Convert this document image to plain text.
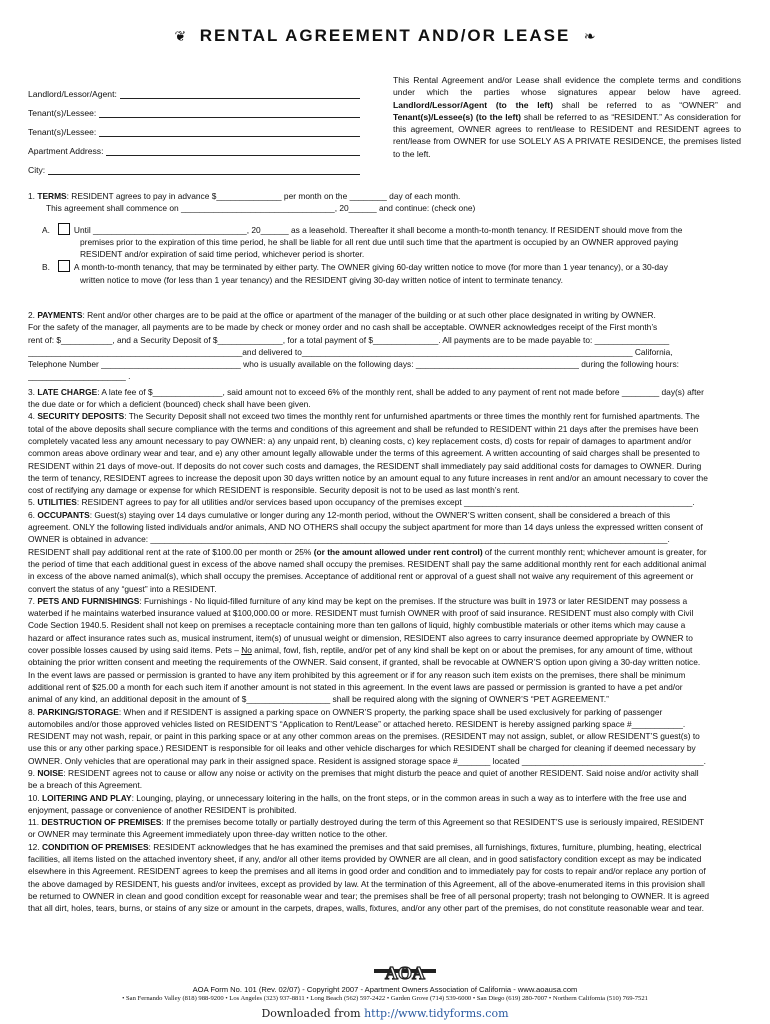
❦ RENTAL AGREEMENT AND/OR LEASE ❧
Landlord/Lessor/Agent:
Tenant(s)/Lessee:
Tenant(s)/Lessee:
Apartment Address:
City:
This Rental Agreement and/or Lease shall evidence the complete terms and conditions under which the parties whose signatures appear below have agreed. Landlord/Lessor/Agent (to the left) shall be referred to as “OWNER” and Tenant(s)/Lessee(s) (to the left) shall be referred to as “RESIDENT.” As consideration for this agreement, OWNER agrees to rent/lease to RESIDENT and RESIDENT agrees to rent/lease from OWNER for use SOLELY AS A PRIVATE RESIDENCE, the premises listed to the left.
1. TERMS: RESIDENT agrees to pay in advance $______________ per month on the ________ day of each month.
This agreement shall commence on _________________________________, 20______ and continue: (check one)
A.	Until _________________________________, 20______ as a leasehold. Thereafter it shall become a month-to-month tenancy. If RESIDENT should move from the
premises prior to the expiration of this time period, he shall be liable for all rent due until such time that the apartment is occupied by an OWNER approved paying
RESIDENT and/or expiration of said time period, whichever period is shorter.
B.	A month-to-month tenancy, that may be terminated by either party. The OWNER giving 60-day written notice to move (for more than 1 year tenancy), or a 30-day
written notice to move (for less than 1 year tenancy) and the RESIDENT giving 30-day written notice of intent to terminate tenancy.
2. PAYMENTS: Rent and/or other charges are to be paid at the office or apartment of the manager of the building or at such other place designated in writing by OWNER.
For the safety of the manager, all payments are to be made by check or money order and no cash shall be acceptable. OWNER acknowledges receipt of the First month’s
rent of: $___________, and a Security Deposit of $______________, for a total payment of $______________. All payments are to be made payable to: ________________
______________________________________________and delivered to_______________________________________________________________________ California,
Telephone Number ______________________________ who is usually available on the following days: ___________________________________ during the following hours:
_____________________ .
3. LATE CHARGE: A late fee of $_______________, said amount not to exceed 6% of the monthly rent, shall be added to any payment of rent not made before ________ day(s) after
the due date or for which a deficient (bounced) check shall have been given.
4. SECURITY DEPOSITS: The Security Deposit shall not exceed two times the monthly rent for unfurnished apartments or three times the monthly rent for furnished apartments. The
total of the above deposits shall secure compliance with the terms and conditions of this agreement and shall be refunded to RESIDENT within 21 days after the premises have been
completely vacated less any amount necessary to pay OWNER: a) any unpaid rent, b) cleaning costs, c) key replacement costs, d) costs for repair of damages to apartment and/or
common areas above ordinary wear and tear, and e) any other amount legally allowable under the terms of this agreement. A written accounting of said charges shall be presented to
RESIDENT within 21 days of move-out. If deposits do not cover such costs and damages, the RESIDENT shall immediately pay said additional costs for damages to OWNER. During
the term of tenancy, RESIDENT agrees to increase the deposit upon 30 days written notice by an amount equal to any future increases in rent and/or an amount necessary to cover the
cost of rectifying any damage or expense for which RESIDENT is responsible. Security deposit is not to be used as last month’s rent.
5. UTILITIES: RESIDENT agrees to pay for all utilities and/or services based upon occupancy of the premises except _________________________________________________.
6. OCCUPANTS: Guest(s) staying over 14 days cumulative or longer during any 12-month period, without the OWNER’S written consent, shall be considered a breach of this
agreement. ONLY the following listed individuals and/or animals, AND NO OTHERS shall occupy the subject apartment for more than 14 days unless the expressed written consent of
OWNER is obtained in advance: _______________________________________________________________________________________________________________.
RESIDENT shall pay additional rent at the rate of $100.00 per month or 25% (or the amount allowed under rent control) of the current monthly rent; whichever amount is greater, for
the period of time that each additional guest in excess of the above named shall occupy the premises. RESIDENT shall pay the same additional monthly rent for each additional animal
in excess of the above named animal(s), which shall occupy the premises. Acceptance of additional rent or approval of a guest shall not waive any requirement of this agreement or
convert the status of any “guest” into a RESIDENT.
7. PETS AND FURNISHINGS: Furnishings - No liquid-filled furniture of any kind may be kept on the premises. If the structure was built in 1973 or later RESIDENT may possess a
waterbed if he maintains waterbed insurance valued at $100,000.00 or more. RESIDENT must furnish OWNER with proof of said insurance. RESIDENT must also comply with Civil
Code Section 1940.5. Resident shall not keep on premises a receptacle containing more than ten gallons of liquid, highly combustible materials or other items which may cause a
hazard or affect insurance rates such as, musical instrument, item(s) of unusual weight or dimension, RESIDENT also agrees to carry insurance deemed appropriate by OWNER to
cover possible losses caused by using said items. Pets – No animal, fowl, fish, reptile, and/or pet of any kind shall be kept on or about the premises, for any amount of time, without
obtaining the prior written consent and meeting the requirements of the OWNER. Said consent, if granted, shall be revocable at OWNER’S option upon giving a 30-day written notice.
In the event laws are passed or permission is granted to have any item prohibited by this agreement or if for any reason such item exists on the premises, there shall be minimum
additional rent of $25.00 a month for each such item if another amount is not stated in this agreement. In the event laws are passed or permission is granted to have a pet and/or
animal of any kind, an additional deposit in the amount of $__________________ shall be required along with the signing of OWNER’S “PET AGREEMENT.”
8. PARKING/STORAGE: When and if RESIDENT is assigned a parking space on OWNER’S property, the parking space shall be used exclusively for parking of passenger
automobiles and/or those approved vehicles listed on RESIDENT’S “Application to Rent/Lease” or attached hereto. RESIDENT is hereby assigned parking space #___________.
RESIDENT may not wash, repair, or paint in this parking space or at any other common areas on the premises. (RESIDENT may not assign, sublet, or allow RESIDENT’S guest(s) to
use this or any other parking space.) RESIDENT is responsible for oil leaks and other vehicle discharges for which RESIDENT shall be charged for cleaning if deemed necessary by
OWNER. Only vehicles that are operational may park in their assigned space. Resident is assigned storage space #_______ located _______________________________________.
9. NOISE: RESIDENT agrees not to cause or allow any noise or activity on the premises that might disturb the peace and quiet of another RESIDENT. Said noise and/or activity shall
be a breach of this Agreement.
10. LOITERING AND PLAY: Lounging, playing, or unnecessary loitering in the halls, on the front steps, or in the common areas in such a way as to interfere with the free use and
enjoyment, passage or convenience of another RESIDENT is prohibited.
11. DESTRUCTION OF PREMISES: If the premises become totally or partially destroyed during the term of this Agreement so that RESIDENT’S use is seriously impaired, RESIDENT
or OWNER may terminate this Agreement immediately upon three-day written notice to the other.
12. CONDITION OF PREMISES: RESIDENT acknowledges that he has examined the premises and that said premises, all furnishings, fixtures, furniture, plumbing, heating, electrical
facilities, all items listed on the attached inventory sheet, if any, and/or all other items provided by OWNER are all clean, and in good satisfactory condition except as may be indicated
elsewhere in this Agreement. RESIDENT agrees to keep the premises and all items in good order and condition and to immediately pay for costs to repair and/or replace any portion of
the above damaged by RESIDENT, his guests and/or invitees, except as provided by law. At the termination of this Agreement, all of the above-enumerated items in this provision shall
be returned to OWNER in clean and good condition except for reasonable wear and tear; the premises shall be free of all personal property; trash not belonging to OWNER. It is agreed
that all dirt, holes, tears, burns, or stains of any size or amount in the carpets, drapes, walls, fixtures, and/or any other part of the premises, do not constitute reasonable wear and tear.
AOA
AOA Form No. 101 (Rev. 02/07) - Copyright 2007 - Apartment Owners Association of California - www.aoausa.com
• San Fernando Valley (818) 988-9200 • Los Angeles (323) 937-8811 • Long Beach (562) 597-2422 • Garden Grove (714) 539-6000 • San Diego (619) 280-7007 • Northern California (510) 769-7521
Downloaded from http://www.tidyforms.com
